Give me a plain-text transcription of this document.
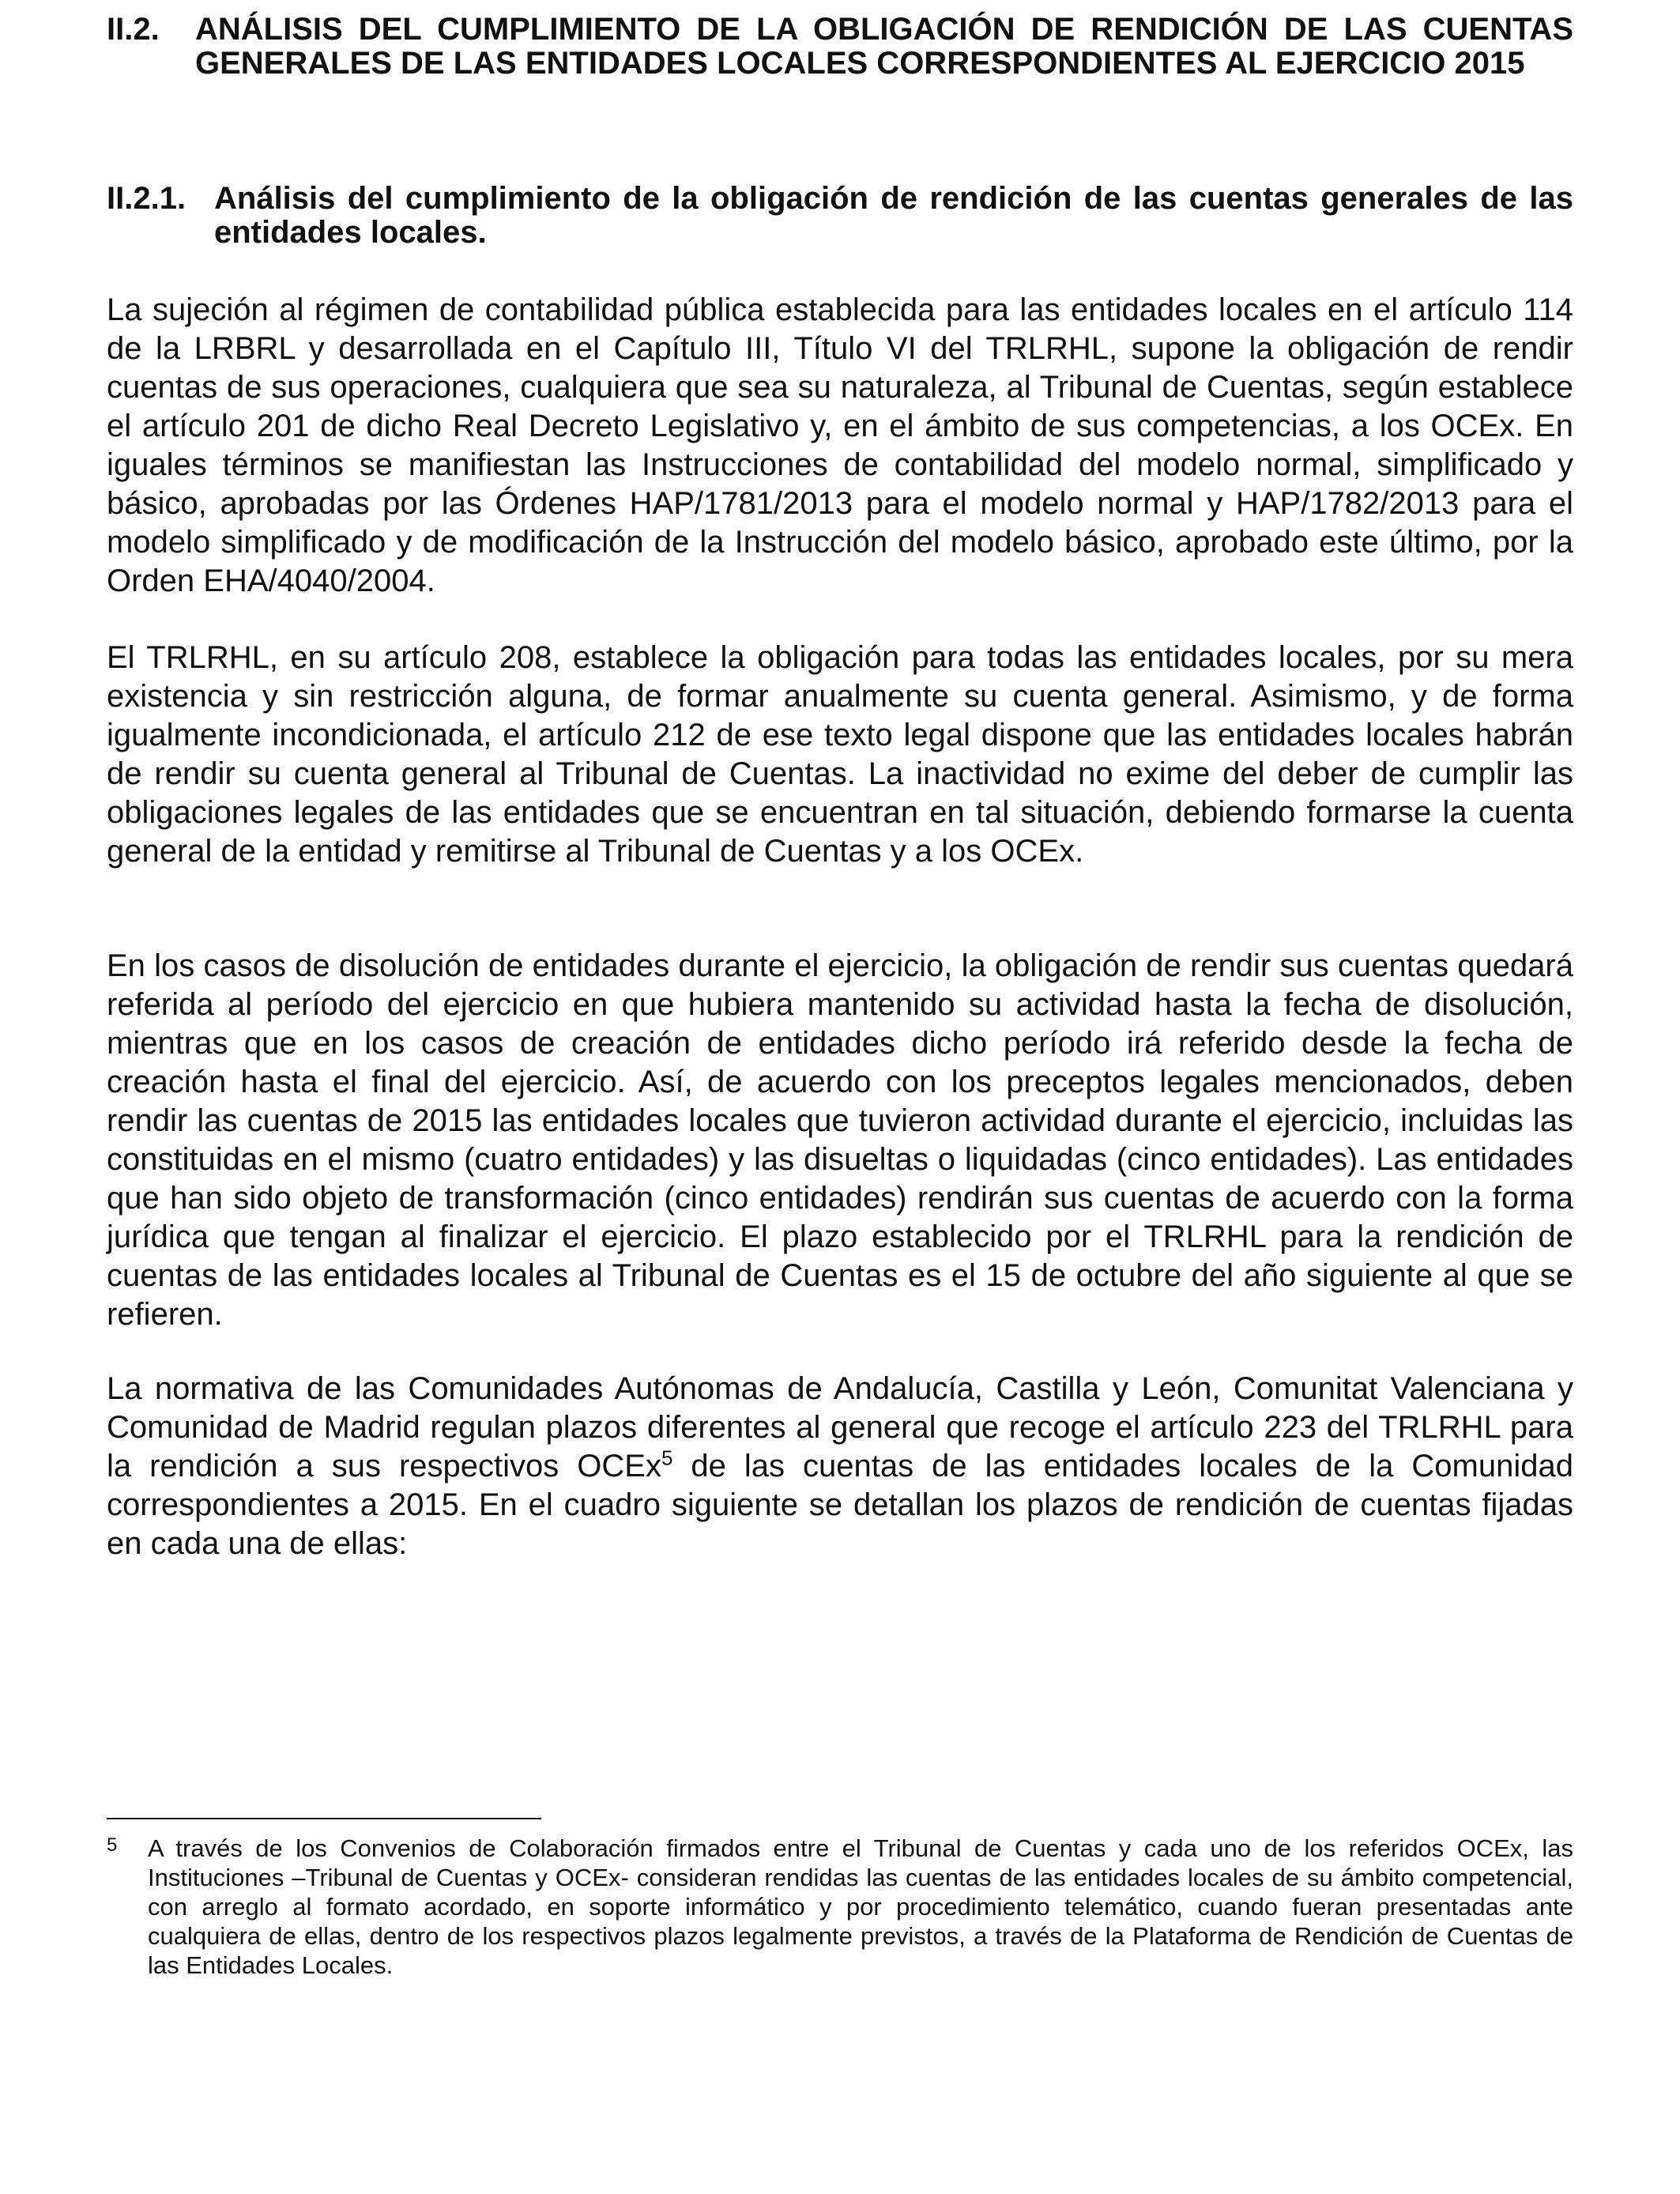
II.2. ANÁLISIS DEL CUMPLIMIENTO DE LA OBLIGACIÓN DE RENDICIÓN DE LAS CUENTAS GENERALES DE LAS ENTIDADES LOCALES CORRESPONDIENTES AL EJERCICIO 2015
II.2.1. Análisis del cumplimiento de la obligación de rendición de las cuentas generales de las entidades locales.

La sujeción al régimen de contabilidad pública establecida para las entidades locales en el artículo 114 de la LRBRL y desarrollada en el Capítulo III, Título VI del TRLRHL, supone la obligación de rendir cuentas de sus operaciones, cualquiera que sea su naturaleza, al Tribunal de Cuentas, según establece el artículo 201 de dicho Real Decreto Legislativo y, en el ámbito de sus competencias, a los OCEx. En iguales términos se manifiestan las Instrucciones de contabilidad del modelo normal, simplificado y básico, aprobadas por las Órdenes HAP/1781/2013 para el modelo normal y HAP/1782/2013 para el modelo simplificado y de modificación de la Instrucción del modelo básico, aprobado este último, por la Orden EHA/4040/2004.

El TRLRHL, en su artículo 208, establece la obligación para todas las entidades locales, por su mera existencia y sin restricción alguna, de formar anualmente su cuenta general. Asimismo, y de forma igualmente incondicionada, el artículo 212 de ese texto legal dispone que las entidades locales habrán de rendir su cuenta general al Tribunal de Cuentas. La inactividad no exime del deber de cumplir las obligaciones legales de las entidades que se encuentran en tal situación, debiendo formarse la cuenta general de la entidad y remitirse al Tribunal de Cuentas y a los OCEx.

En los casos de disolución de entidades durante el ejercicio, la obligación de rendir sus cuentas quedará referida al período del ejercicio en que hubiera mantenido su actividad hasta la fecha de disolución, mientras que en los casos de creación de entidades dicho período irá referido desde la fecha de creación hasta el final del ejercicio. Así, de acuerdo con los preceptos legales mencionados, deben rendir las cuentas de 2015 las entidades locales que tuvieron actividad durante el ejercicio, incluidas las constituidas en el mismo (cuatro entidades) y las disueltas o liquidadas (cinco entidades). Las entidades que han sido objeto de transformación (cinco entidades) rendirán sus cuentas de acuerdo con la forma jurídica que tengan al finalizar el ejercicio. El plazo establecido por el TRLRHL para la rendición de cuentas de las entidades locales al Tribunal de Cuentas es el 15 de octubre del año siguiente al que se refieren.

La normativa de las Comunidades Autónomas de Andalucía, Castilla y León, Comunitat Valenciana y Comunidad de Madrid regulan plazos diferentes al general que recoge el artículo 223 del TRLRHL para la rendición a sus respectivos OCEx$^5$ de las cuentas de las entidades locales de la Comunidad correspondientes a 2015. En el cuadro siguiente se detallan los plazos de rendición de cuentas fijadas en cada una de ellas:

5 A través de los Convenios de Colaboración firmados entre el Tribunal de Cuentas y cada uno de los referidos OCEx, las Instituciones –Tribunal de Cuentas y OCEx- consideran rendidas las cuentas de las entidades locales de su ámbito competencial, con arreglo al formato acordado, en soporte informático y por procedimiento telemático, cuando fueran presentadas ante cualquiera de ellas, dentro de los respectivos plazos legalmente previstos, a través de la Plataforma de Rendición de Cuentas de las Entidades Locales.
